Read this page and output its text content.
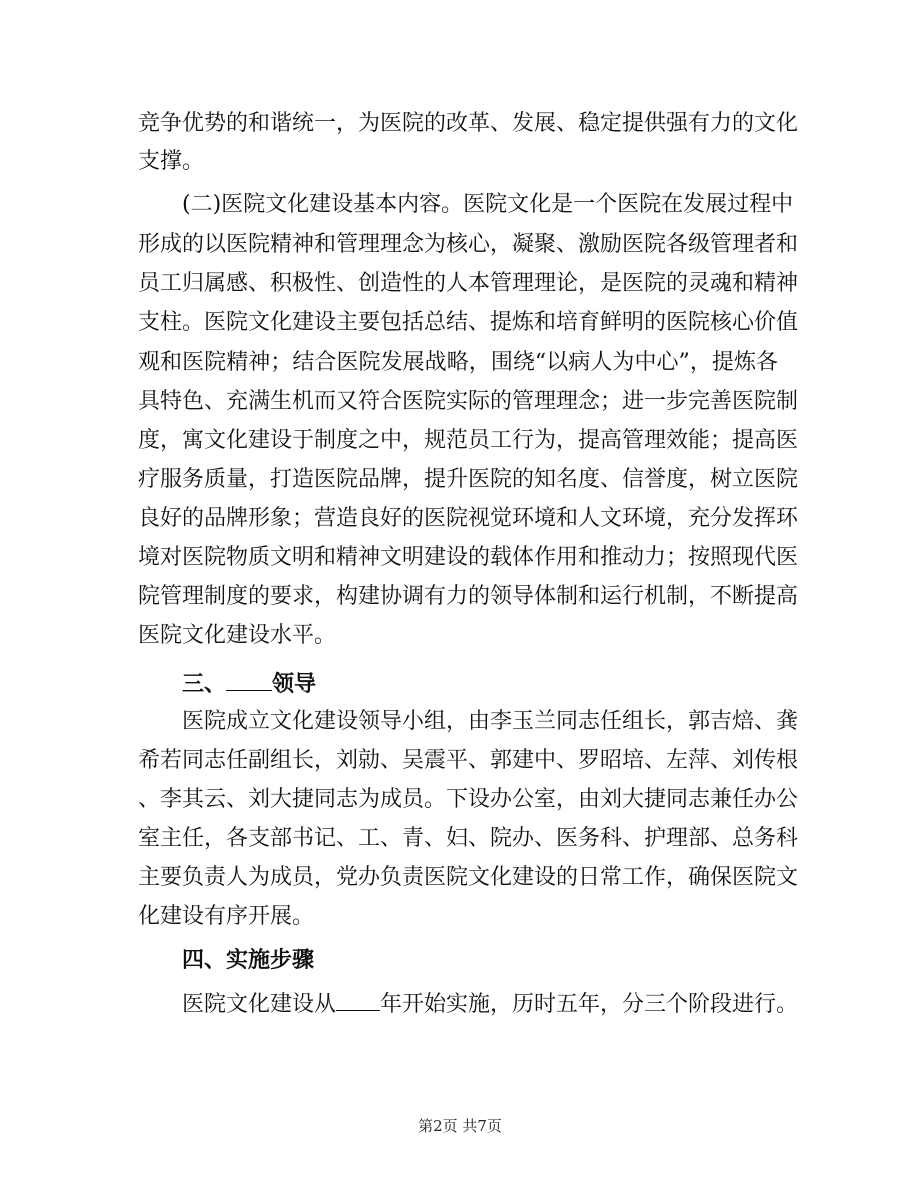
竞争优势的和谐统一，为医院的改革、发展、稳定提供强有力的文化
支撑。
(二)医院文化建设基本内容。医院文化是一个医院在发展过程中
形成的以医院精神和管理理念为核心，凝聚、激励医院各级管理者和
员工归属感、积极性、创造性的人本管理理论，是医院的灵魂和精神
支柱。医院文化建设主要包括总结、提炼和培育鲜明的医院核心价值
观和医院精神；结合医院发展战略，围绕“以病人为中心”，提炼各
具特色、充满生机而又符合医院实际的管理理念；进一步完善医院制
度，寓文化建设于制度之中，规范员工行为，提高管理效能；提高医
疗服务质量，打造医院品牌，提升医院的知名度、信誉度，树立医院
良好的品牌形象；营造良好的医院视觉环境和人文环境，充分发挥环
境对医院物质文明和精神文明建设的载体作用和推动力；按照现代医
院管理制度的要求，构建协调有力的领导体制和运行机制，不断提高
医院文化建设水平。
三、 领导
医院成立文化建设领导小组，由李玉兰同志任组长，郭吉焙、龚
希若同志任副组长，刘勍、吴震平、郭建中、罗昭培、左萍、刘传根
、李其云、刘大捷同志为成员。下设办公室，由刘大捷同志兼任办公
室主任，各支部书记、工、青、妇、院办、医务科、护理部、总务科
主要负责人为成员，党办负责医院文化建设的日常工作，确保医院文
化建设有序开展。
四、实施步骤
医院文化建设从 年开始实施，历时五年，分三个阶段进行。
第2页 共7页
